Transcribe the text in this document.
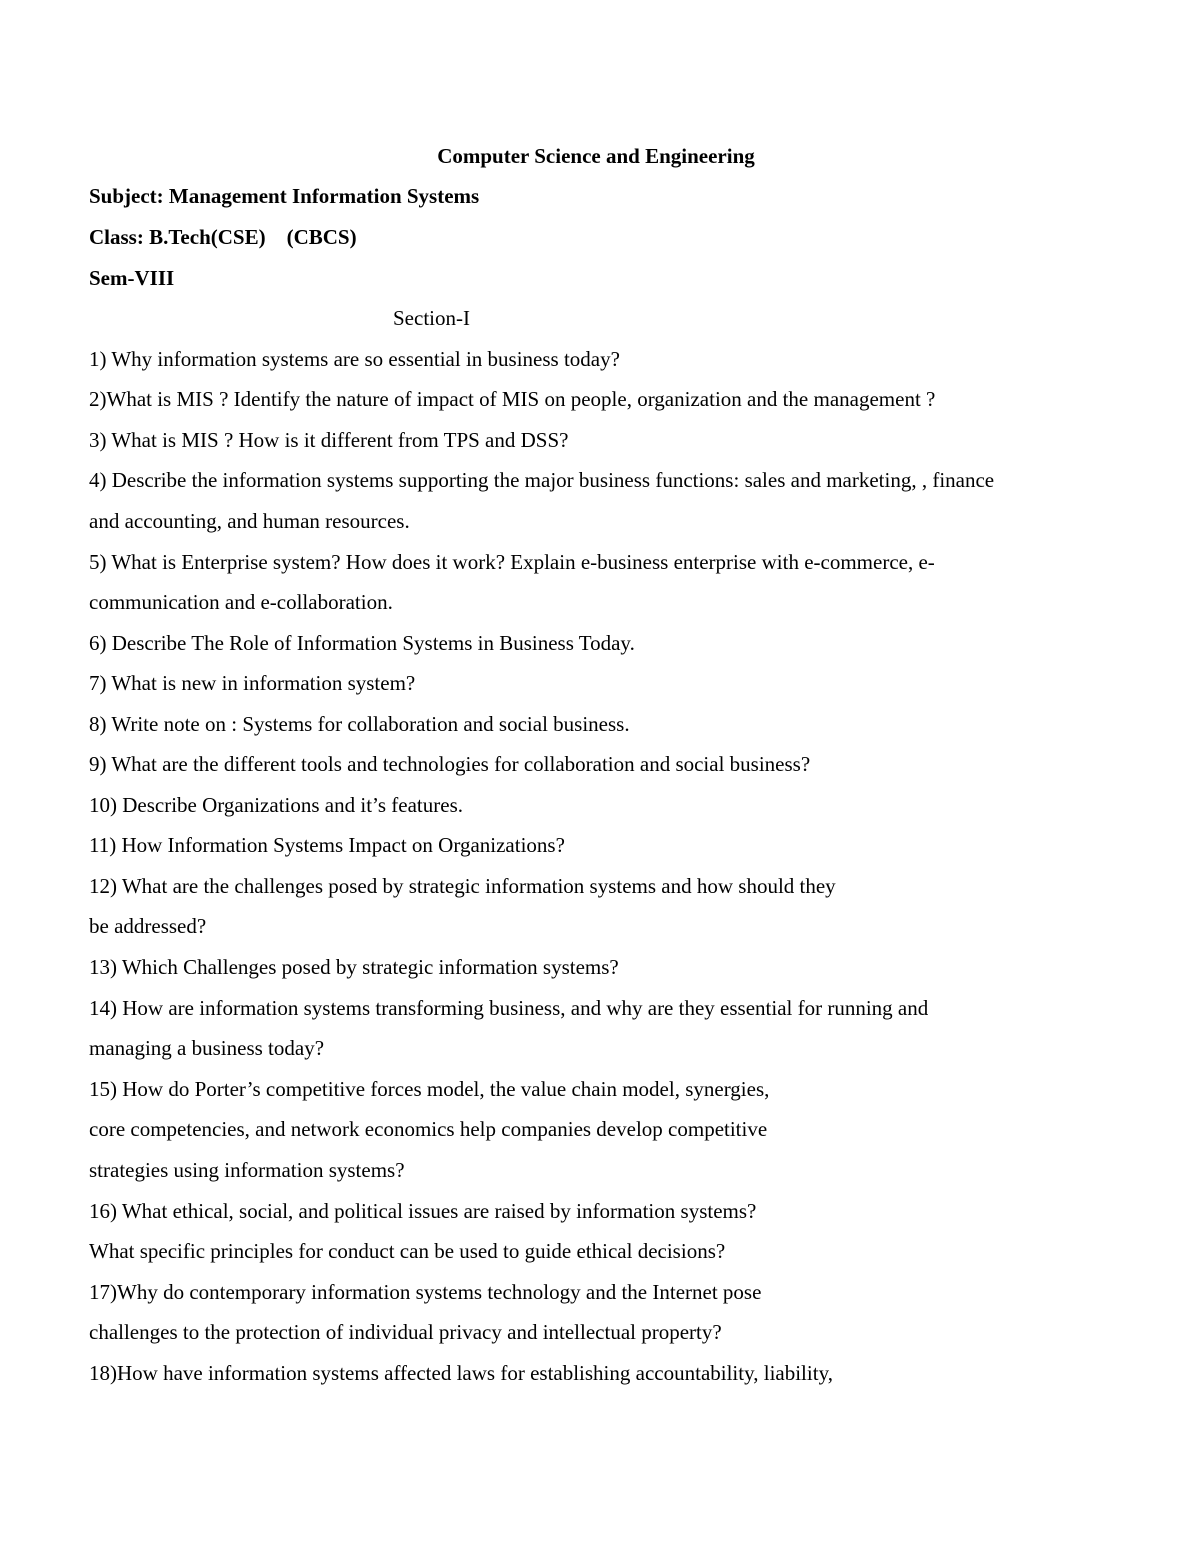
Computer Science and Engineering
Subject: Management Information Systems
Class: B.Tech(CSE)    (CBCS)
Sem-VIII
Section-I
1) Why information systems are so essential in business today?
2)What is MIS ? Identify the nature of impact of MIS on people, organization and the management ?
3) What is MIS ? How is it different from TPS and DSS?
4) Describe the information systems supporting the major business functions: sales and marketing, , finance
and accounting, and human resources.
5) What is Enterprise system? How does it work? Explain e-business enterprise with e-commerce, e-
communication and e-collaboration.
6) Describe The Role of Information Systems in Business Today.
7) What is new in information system?
8) Write note on : Systems for collaboration and social business.
9) What are the different tools and technologies for collaboration and social business?
10) Describe Organizations and it’s features.
11) How Information Systems Impact on Organizations?
12) What are the challenges posed by strategic information systems and how should they
be addressed?
13) Which Challenges posed by strategic information systems?
14) How are information systems transforming business, and why are they essential for running and
managing a business today?
15) How do Porter’s competitive forces model, the value chain model, synergies,
core competencies, and network economics help companies develop competitive
strategies using information systems?
16) What ethical, social, and political issues are raised by information systems?
What specific principles for conduct can be used to guide ethical decisions?
17)Why do contemporary information systems technology and the Internet pose
challenges to the protection of individual privacy and intellectual property?
18)How have information systems affected laws for establishing accountability, liability,
